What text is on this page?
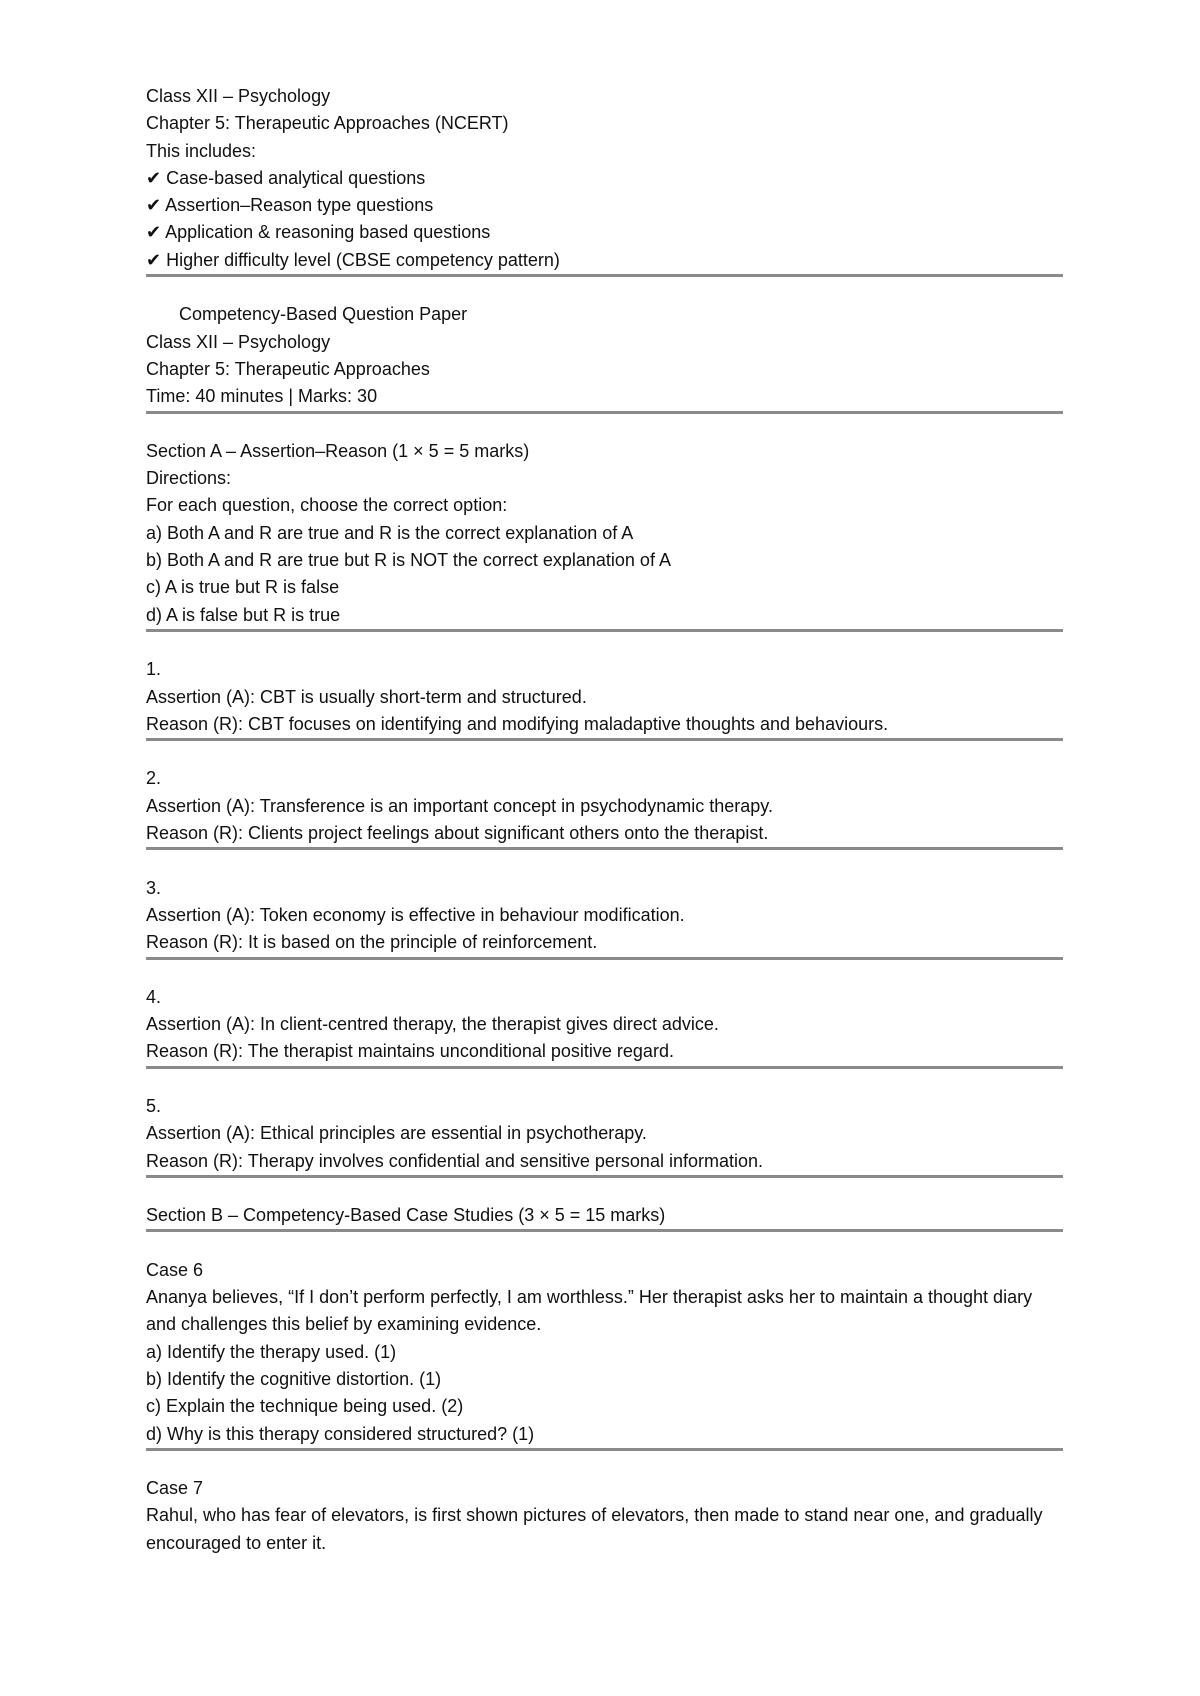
Class XII – Psychology
Chapter 5: Therapeutic Approaches (NCERT)
This includes:
✔ Case-based analytical questions
✔ Assertion–Reason type questions
✔ Application & reasoning based questions
✔ Higher difficulty level (CBSE competency pattern)
Competency-Based Question Paper
Class XII – Psychology
Chapter 5: Therapeutic Approaches
Time: 40 minutes | Marks: 30
Section A – Assertion–Reason (1 × 5 = 5 marks)
Directions:
For each question, choose the correct option:
a) Both A and R are true and R is the correct explanation of A
b) Both A and R are true but R is NOT the correct explanation of A
c) A is true but R is false
d) A is false but R is true
1.
Assertion (A): CBT is usually short-term and structured.
Reason (R): CBT focuses on identifying and modifying maladaptive thoughts and behaviours.
2.
Assertion (A): Transference is an important concept in psychodynamic therapy.
Reason (R): Clients project feelings about significant others onto the therapist.
3.
Assertion (A): Token economy is effective in behaviour modification.
Reason (R): It is based on the principle of reinforcement.
4.
Assertion (A): In client-centred therapy, the therapist gives direct advice.
Reason (R): The therapist maintains unconditional positive regard.
5.
Assertion (A): Ethical principles are essential in psychotherapy.
Reason (R): Therapy involves confidential and sensitive personal information.
Section B – Competency-Based Case Studies (3 × 5 = 15 marks)
Case 6
Ananya believes, “If I don’t perform perfectly, I am worthless.” Her therapist asks her to maintain a thought diary and challenges this belief by examining evidence.
a) Identify the therapy used. (1)
b) Identify the cognitive distortion. (1)
c) Explain the technique being used. (2)
d) Why is this therapy considered structured? (1)
Case 7
Rahul, who has fear of elevators, is first shown pictures of elevators, then made to stand near one, and gradually encouraged to enter it.
